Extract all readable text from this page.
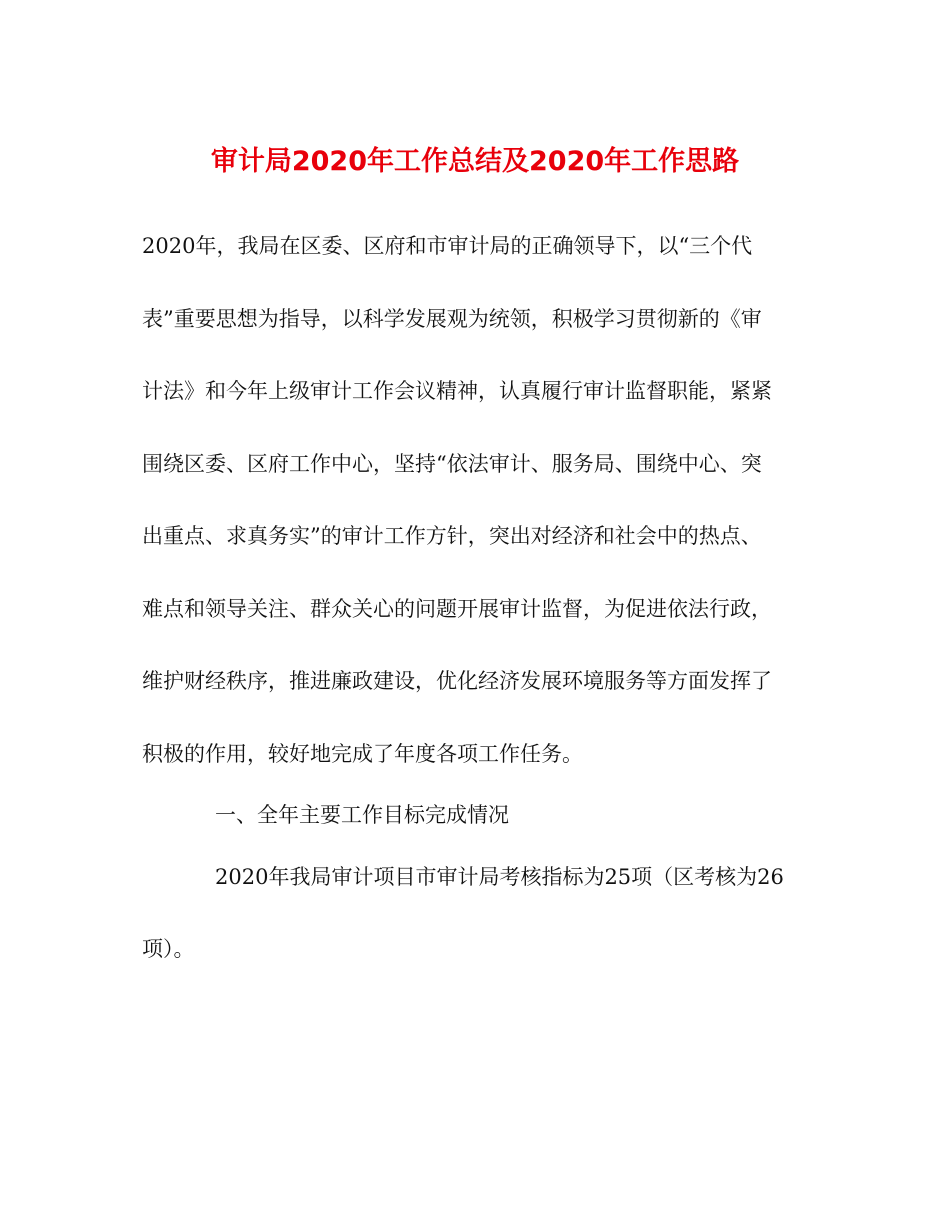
审计局2020年工作总结及2020年工作思路

2020年，我局在区委、区府和市审计局的正确领导下，以“三个代

表”重要思想为指导，以科学发展观为统领，积极学习贯彻新的《审

计法》和今年上级审计工作会议精神，认真履行审计监督职能，紧紧

围绕区委、区府工作中心，坚持“依法审计、服务局、围绕中心、突

出重点、求真务实”的审计工作方针，突出对经济和社会中的热点、

难点和领导关注、群众关心的问题开展审计监督，为促进依法行政，

维护财经秩序，推进廉政建设，优化经济发展环境服务等方面发挥了

积极的作用，较好地完成了年度各项工作任务。

一、全年主要工作目标完成情况

2020年我局审计项目市审计局考核指标为25项（区考核为26

项）。
